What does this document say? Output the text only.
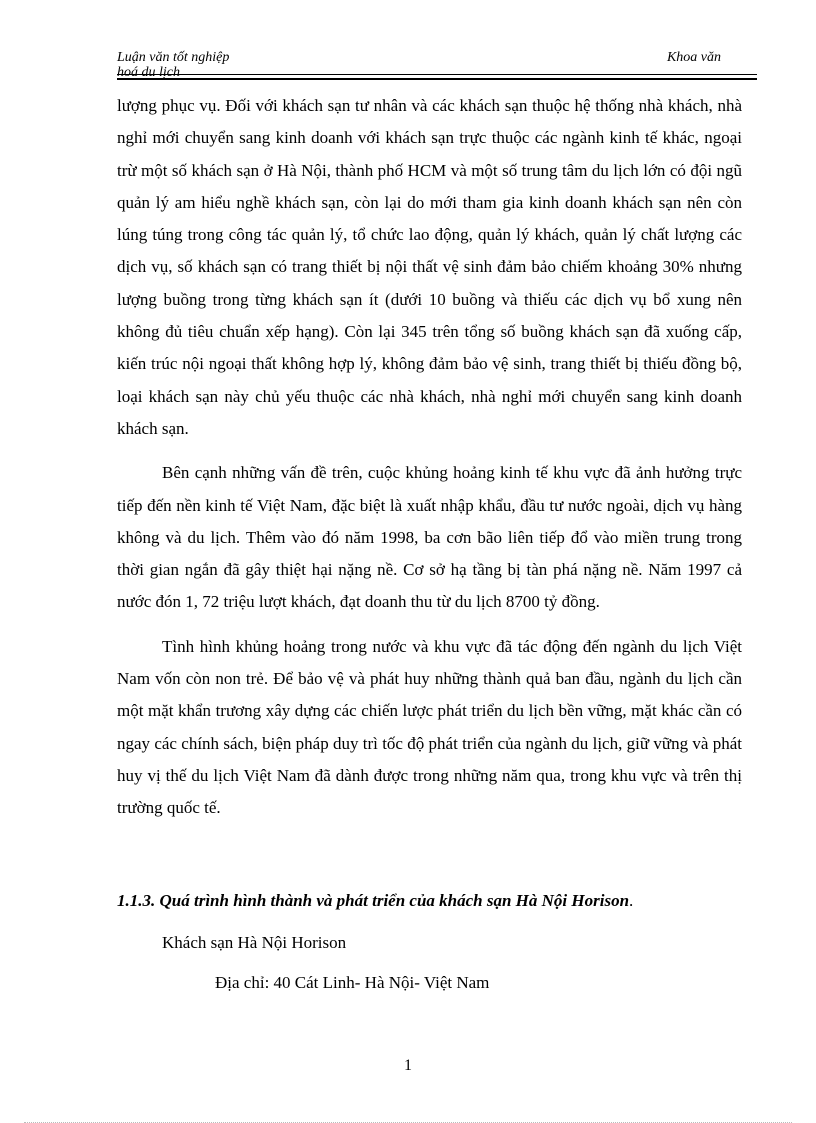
Luận văn tốt nghiệp
hoá du lịch
Khoa văn

lượng phục vụ. Đối với khách sạn tư nhân và các khách sạn thuộc hệ thống nhà khách, nhà nghỉ mới chuyển sang kinh doanh với khách sạn trực thuộc các ngành kinh tế khác, ngoại trừ một số khách sạn ở Hà Nội, thành phố HCM và một số trung tâm du lịch lớn có đội ngũ quản lý am hiểu nghề khách sạn, còn lại do mới tham gia kinh doanh khách sạn nên còn lúng túng trong công tác quản lý, tổ chức lao động, quản lý khách, quản lý chất lượng các dịch vụ, số khách sạn có trang thiết bị nội thất vệ sinh đảm bảo chiếm khoảng 30% nhưng lượng buồng trong từng khách sạn ít (dưới 10 buồng và thiếu các dịch vụ bổ xung nên không đủ tiêu chuẩn xếp hạng). Còn lại 345 trên tổng số buồng khách sạn đã xuống cấp, kiến trúc nội ngoại thất không hợp lý, không đảm bảo vệ sinh, trang thiết bị thiếu đồng bộ, loại khách sạn này chủ yếu thuộc các nhà khách, nhà nghỉ mới chuyển sang kinh doanh khách sạn.

Bên cạnh những vấn đề trên, cuộc khủng hoảng kinh tế khu vực đã ảnh hưởng trực tiếp đến nền kinh tế Việt Nam, đặc biệt là xuất nhập khẩu, đầu tư nước ngoài, dịch vụ hàng không và du lịch. Thêm vào đó năm 1998, ba cơn bão liên tiếp đổ vào miền trung trong thời gian ngắn đã gây thiệt hại nặng nề. Cơ sở hạ tầng bị tàn phá nặng nề. Năm 1997 cả nước đón 1, 72 triệu lượt khách, đạt doanh thu từ du lịch 8700 tỷ đồng.

Tình hình khủng hoảng trong nước và khu vực đã tác động đến ngành du lịch Việt Nam vốn còn non trẻ. Để bảo vệ và phát huy những thành quả ban đầu, ngành du lịch cần một mặt khẩn trương xây dựng các chiến lược phát triển du lịch bền vững, mặt khác cần có ngay các chính sách, biện pháp duy trì tốc độ phát triển của ngành du lịch, giữ vững và phát huy vị thế du lịch Việt Nam đã dành được trong những năm qua, trong khu vực và trên thị trường quốc tế.

1.1.3. Quá trình hình thành và phát triển của khách sạn Hà Nội Horison.
Khách sạn Hà Nội Horison
Địa chỉ: 40 Cát Linh- Hà Nội- Việt Nam
1
